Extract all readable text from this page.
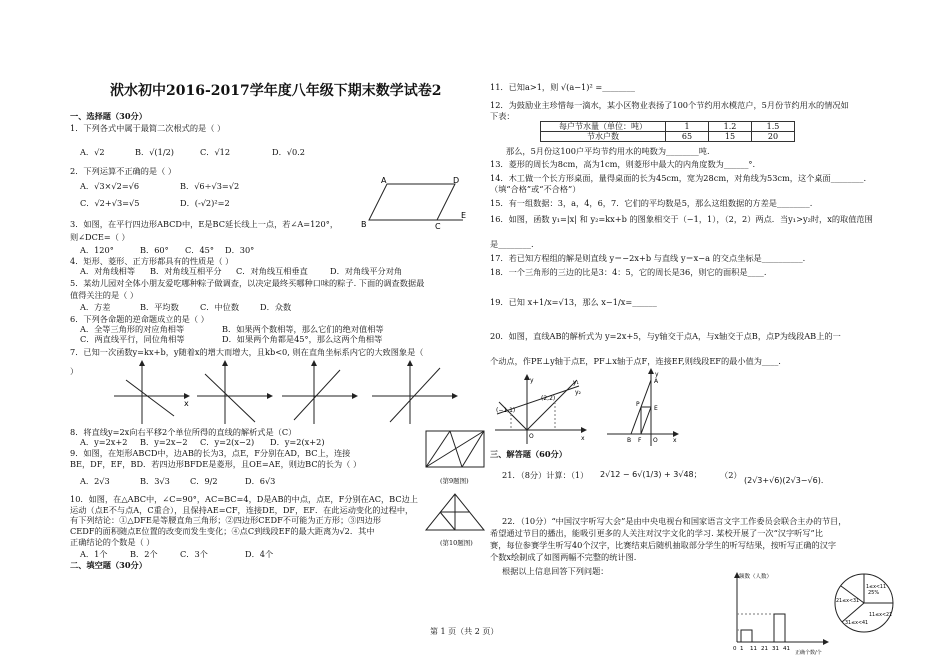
洑水初中2016-2017学年度八年级下期末数学试卷2
一、选择题（30分）
1．下列各式中属于最简二次根式的是（ ）
A．√2	B．√(1/2)	C．√12	D．√0.2
2．下列运算不正确的是（ ）
A．√3×√2=√6	B．√6÷√3=√2
C．√2+√3=√5	D．(-√2)²=2
3．如图，在平行四边形ABCD中，E是BC延长线上一点，若∠A=120°，
则∠DCE=（ ）
A．120°	B．60° C．45° D．30°
A	D
B	C
E
4．矩形、菱形、正方形都具有的性质是（ ）
A．对角线相等 B．对角线互相平分 C．对角线互相垂直	D．对角线平分对角
5．某幼儿园对全体小朋友爱吃哪种粽子做调查，以决定最终买哪种口味的粽子. 下面的调查数据最
值得关注的是（ ）
A．方差	B．平均数	C．中位数	D．众数
6．下列各命题的逆命题成立的是（ ）
A．全等三角形的对应角相等	B．如果两个数相等，那么它们的绝对值相等
C．两直线平行，同位角相等	D．如果两个角都是45°，那么这两个角相等
7．已知一次函数y=kx+b，y随着x的增大而增大，且kb<0, 则在直角坐标系内它的大致图象是（
）
x
8．将直线y=2x向右平移2个单位所得的直线的解析式是（C）
A．y=2x+2 B．y=2x−2 C．y=2(x−2) D．y=2(x+2)
9．如图，在矩形ABCD中，边AB的长为3，点E，F分别在AD，BC上，连接
BE，DF，EF，BD．若四边形BFDE是菱形，且OE=AE，则边BC的长为（ ）
A．2√3	B．3√3 C．9/2	D．6√3	(第9题图)
10．如图，在△ABC中，∠C=90°，AC=BC=4，D是AB的中点，点E，F分别在AC，BC边上
运动（点E不与点A，C重合），且保持AE=CF，连接DE，DF，EF．在此运动变化的过程中，
有下列结论：①△DFE是等腰直角三角形；②四边形CEDF不可能为正方形；③四边形
CEDF的面积随点E位置的改变而发生变化；④点C到线段EF的最大距离为√2．其中
正确结论的个数是（ ）
A．1个	B．2个	C．3个	D．4个
(第10题图)
二、填空题（30分）
11．已知a>1，则 √(a−1)² =________
12．为鼓励业主珍惜每一滴水，某小区物业表扬了100个节约用水模范户，5月份节约用水的情况如
下表：
每户节水量（单位：吨）	1	1.2	1.5
节水户数	65	15	20
那么，5月份这100户平均节约用水的吨数为________吨.
13．菱形的周长为8cm，高为1cm，则菱形中最大的内角度数为______°.
14．木工做一个长方形桌面，量得桌面的长为45cm，宽为28cm，对角线为53cm，这个桌面________.
（填“合格”或“不合格”）
15．有一组数据：3，a，4，6，7．它们的平均数是5，那么这组数据的方差是________.
16．如图，函数 y₁=|x| 和 y₂=kx+b 的图象相交于（−1，1），（2，2）两点．当y₁>y₂时，x的取值范围
是________.
17．若已知方程组的解是则直线 y＝−2x+b 与直线 y＝x−a 的交点坐标是__________.
18．一个三角形的三边的比是3：4：5，它的周长是36，则它的面积是____.
19．已知 x+1/x=√13，那么 x−1/x=______
20．如图，直线AB的解析式为 y=2x+5，与y轴交于点A，与x轴交于点B，点P为线段AB上的一
个动点，作PE⊥y轴于点E，PF⊥x轴于点F，连接EF,则线段EF的最小值为____.
(−1,1)
(2,2)
y₁
y₂
x
y
O
A
P
E
F
B	O	x
y
三、解答题（60分）
21．（8分）计算：（1） 2√12 − 6√(1/3) + 3√48； （2）
(2√3+√6)(2√3−√6)．
22．（10分）“中国汉字听写大会”是由中央电视台和国家语言文字工作委员会联合主办的节目，
希望通过节目的播出，能吸引更多的人关注对汉字文化的学习. 某校开展了一次“汉字听写”比
赛，每位参赛学生听写40个汉字，比赛结束后随机抽取部分学生的听写结果，按听写正确的汉字
个数x绘制成了如图两幅不完整的统计图.
根据以上信息回答下列问题：
频数（人数）
0 1 11 21 31 41
正确个数/个
1≤x<11
25%
11≤x<21
21≤x<31
31≤x<41
第 1 页（共 2 页）
